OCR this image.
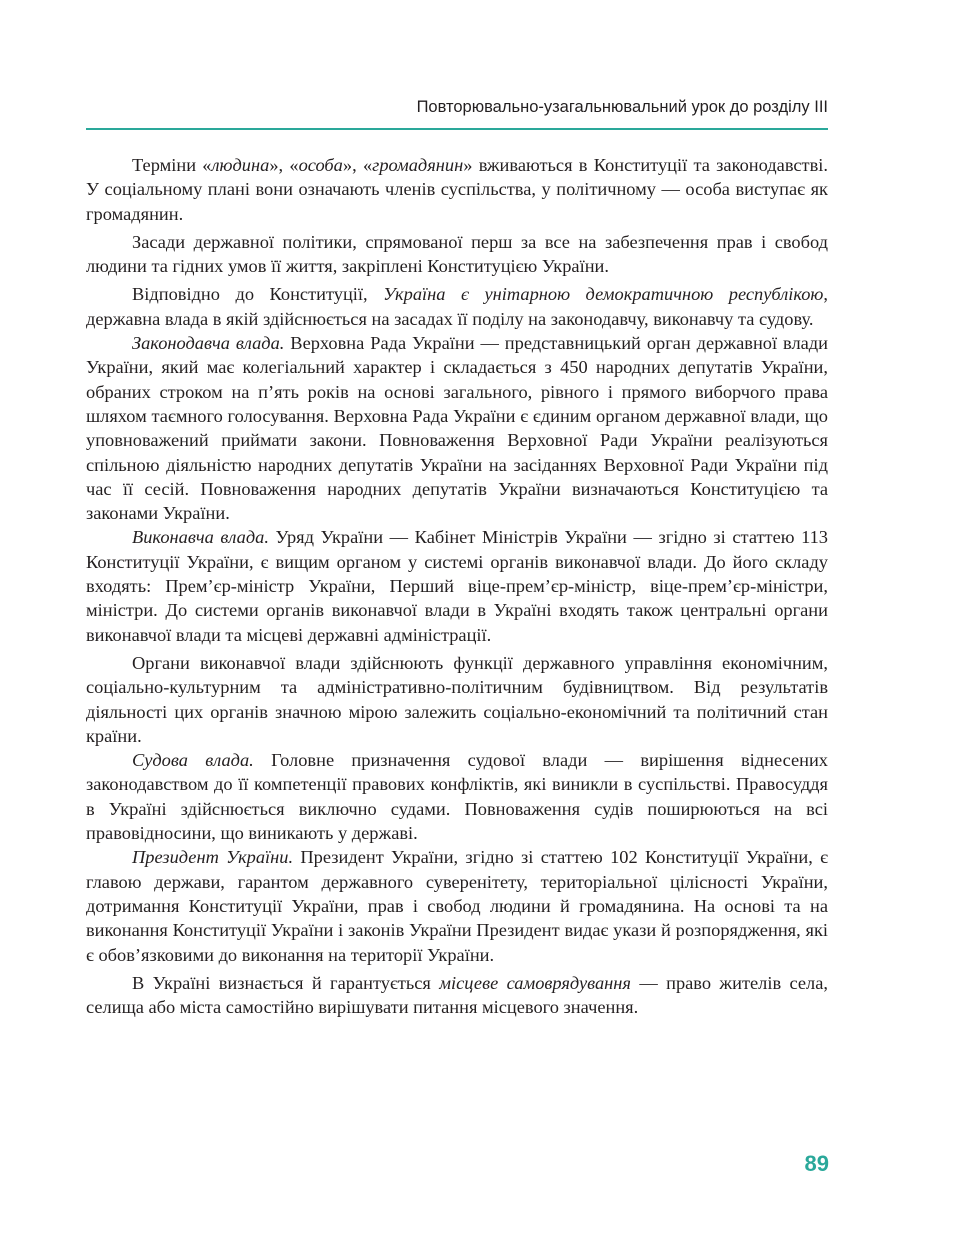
Повторювально-узагальнювальний урок до розділу ІІІ

Терміни «людина», «особа», «громадянин» вживаються в Конституції та законодавстві. У соціальному плані вони означають членів суспільства, у політичному — особа виступає як громадянин.

Засади державної політики, спрямованої перш за все на забезпечення прав і свобод людини та гідних умов її життя, закріплені Конституцією України.

Відповідно до Конституції, Україна є унітарною демократичною республікою, державна влада в якій здійснюється на засадах її поділу на законодавчу, виконавчу та судову.

Законодавча влада. Верховна Рада України — представницький орган державної влади України, який має колегіальний характер і складається з 450 народних депутатів України, обраних строком на п’ять років на основі загального, рівного і прямого виборчого права шляхом таємного голосування. Верховна Рада України є єдиним органом державної влади, що уповноважений приймати закони. Повноваження Верховної Ради України реалізуються спільною діяльністю народних депутатів України на засіданнях Верховної Ради України під час її сесій. Повноваження народних депутатів України визначаються Конституцією та законами України.

Виконавча влада. Уряд України — Кабінет Міністрів України — згідно зі статтею 113 Конституції України, є вищим органом у системі органів виконавчої влади. До його складу входять: Прем’єр-міністр України, Перший віце-прем’єр-міністр, віце-прем’єр-міністри, міністри. До системи органів виконавчої влади в Україні входять також центральні органи виконавчої влади та місцеві державні адміністрації.

Органи виконавчої влади здійснюють функції державного управління економічним, соціально-культурним та адміністративно-політичним будівництвом. Від результатів діяльності цих органів значною мірою залежить соціально-економічний та політичний стан країни.

Судова влада. Головне призначення судової влади — вирішення віднесених законодавством до її компетенції правових конфліктів, які виникли в суспільстві. Правосуддя в Україні здійснюється виключно судами. Повноваження судів поширюються на всі правовідносини, що виникають у державі.

Президент України. Президент України, згідно зі статтею 102 Конституції України, є главою держави, гарантом державного суверенітету, територіальної цілісності України, дотримання Конституції України, прав і свобод людини й громадянина. На основі та на виконання Конституції України і законів України Президент видає укази й розпорядження, які є обов’язковими до виконання на території України.

В Україні визнається й гарантується місцеве самоврядування — право жителів села, селища або міста самостійно вирішувати питання місцевого значення.

89
